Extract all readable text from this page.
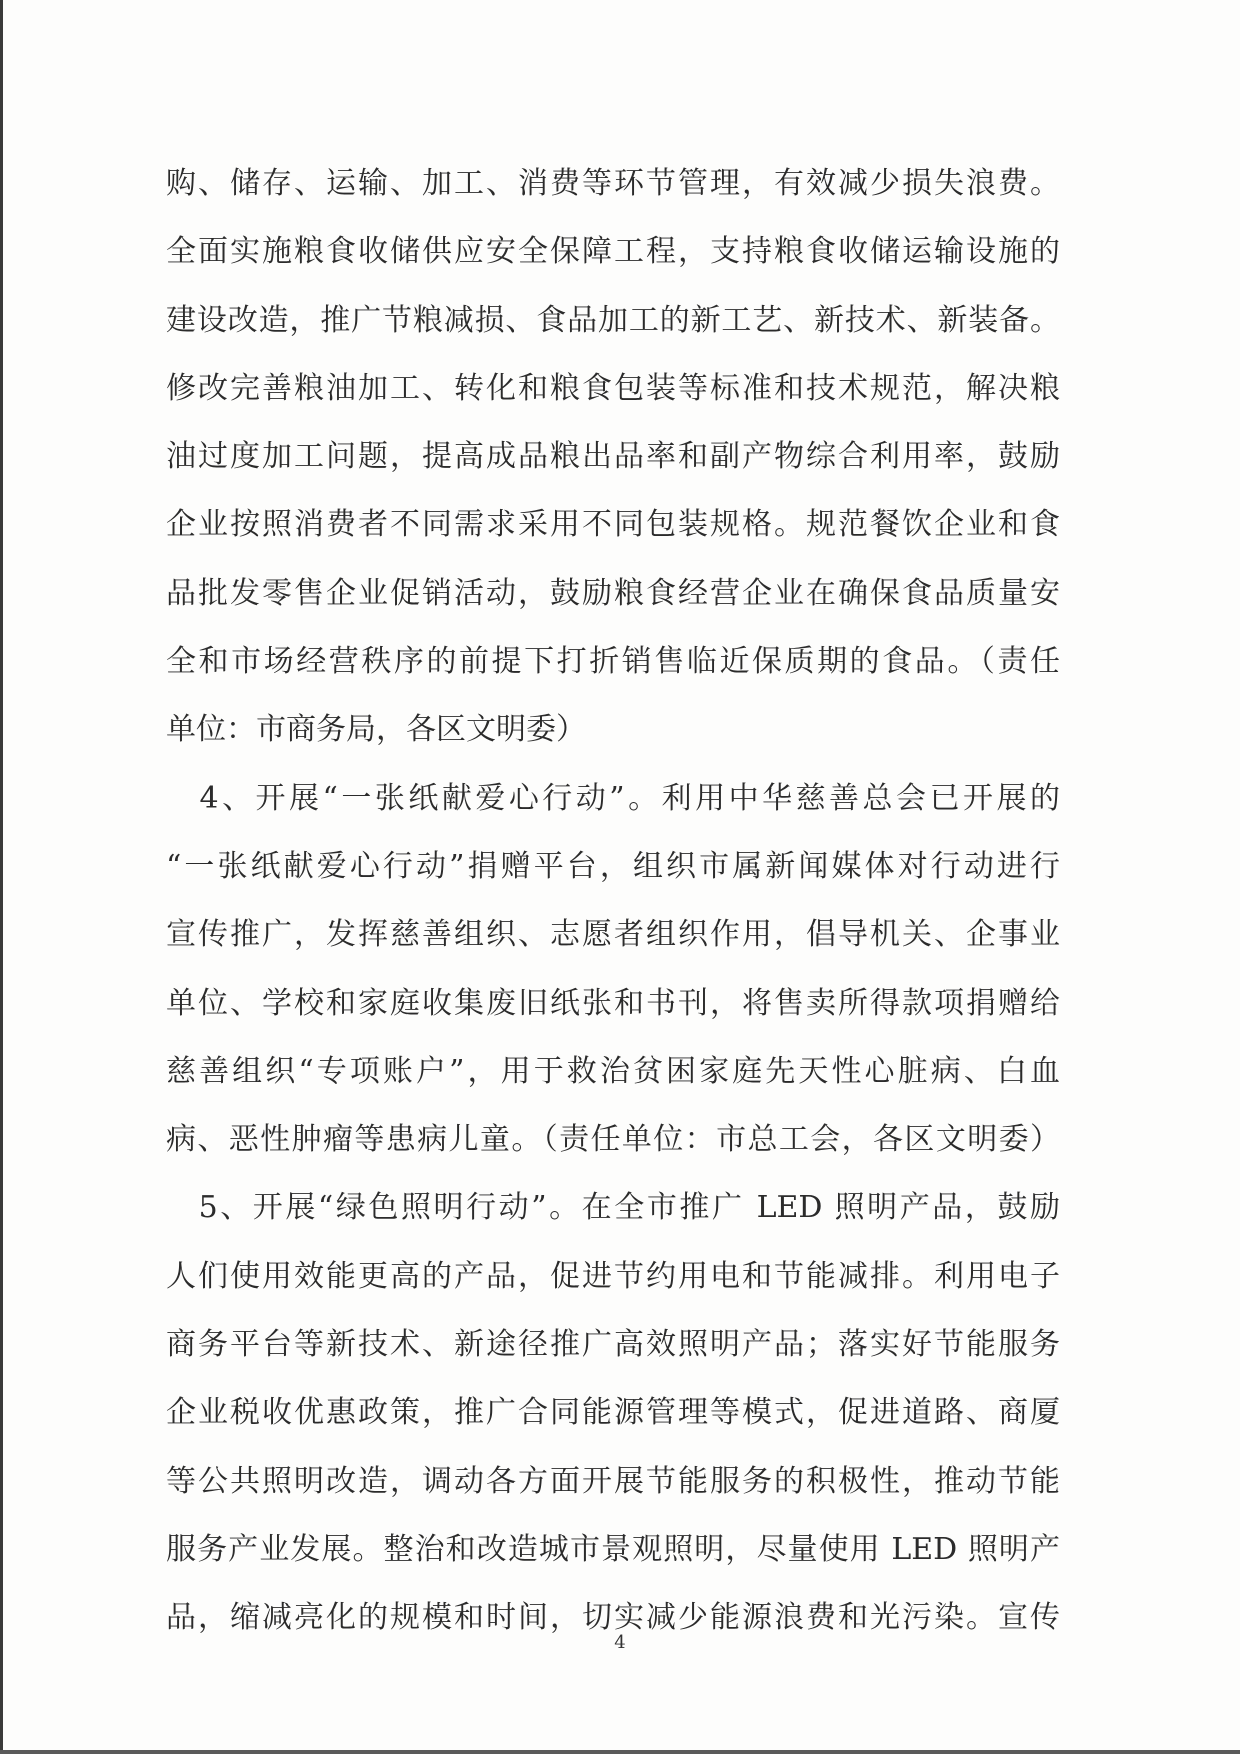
购、储存、运输、加工、消费等环节管理，有效减少损失浪费。
全面实施粮食收储供应安全保障工程，支持粮食收储运输设施的
建设改造，推广节粮减损、食品加工的新工艺、新技术、新装备。
修改完善粮油加工、转化和粮食包装等标准和技术规范，解决粮
油过度加工问题，提高成品粮出品率和副产物综合利用率，鼓励
企业按照消费者不同需求采用不同包装规格。规范餐饮企业和食
品批发零售企业促销活动，鼓励粮食经营企业在确保食品质量安
全和市场经营秩序的前提下打折销售临近保质期的食品。（责任
单位：市商务局，各区文明委）
　4、开展“一张纸献爱心行动”。利用中华慈善总会已开展的
“一张纸献爱心行动”捐赠平台，组织市属新闻媒体对行动进行
宣传推广，发挥慈善组织、志愿者组织作用，倡导机关、企事业
单位、学校和家庭收集废旧纸张和书刊，将售卖所得款项捐赠给
慈善组织“专项账户”，用于救治贫困家庭先天性心脏病、白血
病、恶性肿瘤等患病儿童。（责任单位：市总工会，各区文明委）
　5、开展“绿色照明行动”。在全市推广 LED 照明产品，鼓励
人们使用效能更高的产品，促进节约用电和节能减排。利用电子
商务平台等新技术、新途径推广高效照明产品；落实好节能服务
企业税收优惠政策，推广合同能源管理等模式，促进道路、商厦
等公共照明改造，调动各方面开展节能服务的积极性，推动节能
服务产业发展。整治和改造城市景观照明，尽量使用 LED 照明产
品，缩减亮化的规模和时间，切实减少能源浪费和光污染。宣传
4
